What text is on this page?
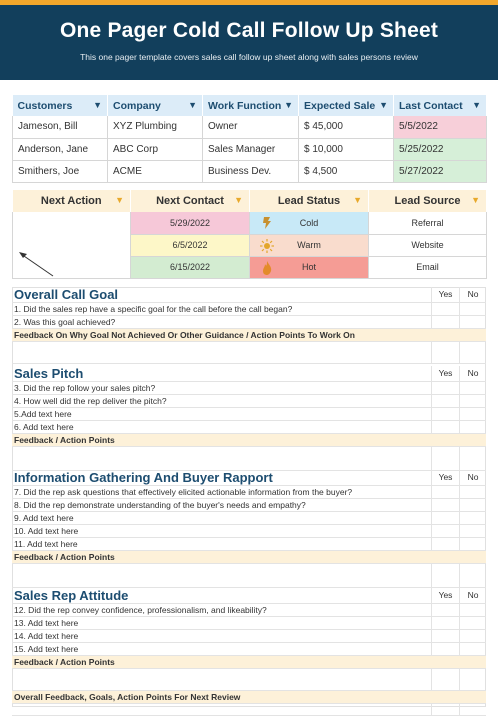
One Pager Cold Call Follow Up Sheet

This one pager template covers sales call follow up sheet along with sales persons review

Customers ▼	Company ▼	Work Function ▼	Expected Sale ▼	Last Contact ▼

Jameson, Bill	XYZ Plumbing	Owner	$ 45,000	5/5/2022
Anderson, Jane	ABC Corp	Sales Manager	$ 10,000	5/25/2022
Smithers, Joe	ACME	Business Dev.	$ 4,500	5/27/2022
Next Action ▼	Next Contact ▼	Lead Status ▼	Lead Source ▼

	5/29/2022	Cold	Referral
	6/5/2022	Warm	Website
	6/15/2022	Hot	Email
Overall Call Goal	Yes	No
1. Did the sales rep have a specific goal for the call before the call began?
2. Was this goal achieved?
Feedback On Why Goal Not Achieved Or Other Guidance / Action Points To Work On
Sales Pitch	Yes	No
3. Did the rep follow your sales pitch?
4. How well did the rep deliver the pitch?
5.Add text here
6. Add text here
Feedback / Action Points
Information Gathering And Buyer Rapport	Yes	No
7. Did the rep ask questions that effectively elicited actionable information from the buyer?
8. Did the rep demonstrate understanding of the buyer's needs and empathy?
9. Add text here
10. Add text here
11. Add text here
Feedback / Action Points
Sales Rep Attitude	Yes	No
12. Did the rep convey confidence, professionalism, and likeability?
13. Add text here
14. Add text here
15. Add text here
Feedback / Action Points
Overall Feedback, Goals, Action Points For Next Review
